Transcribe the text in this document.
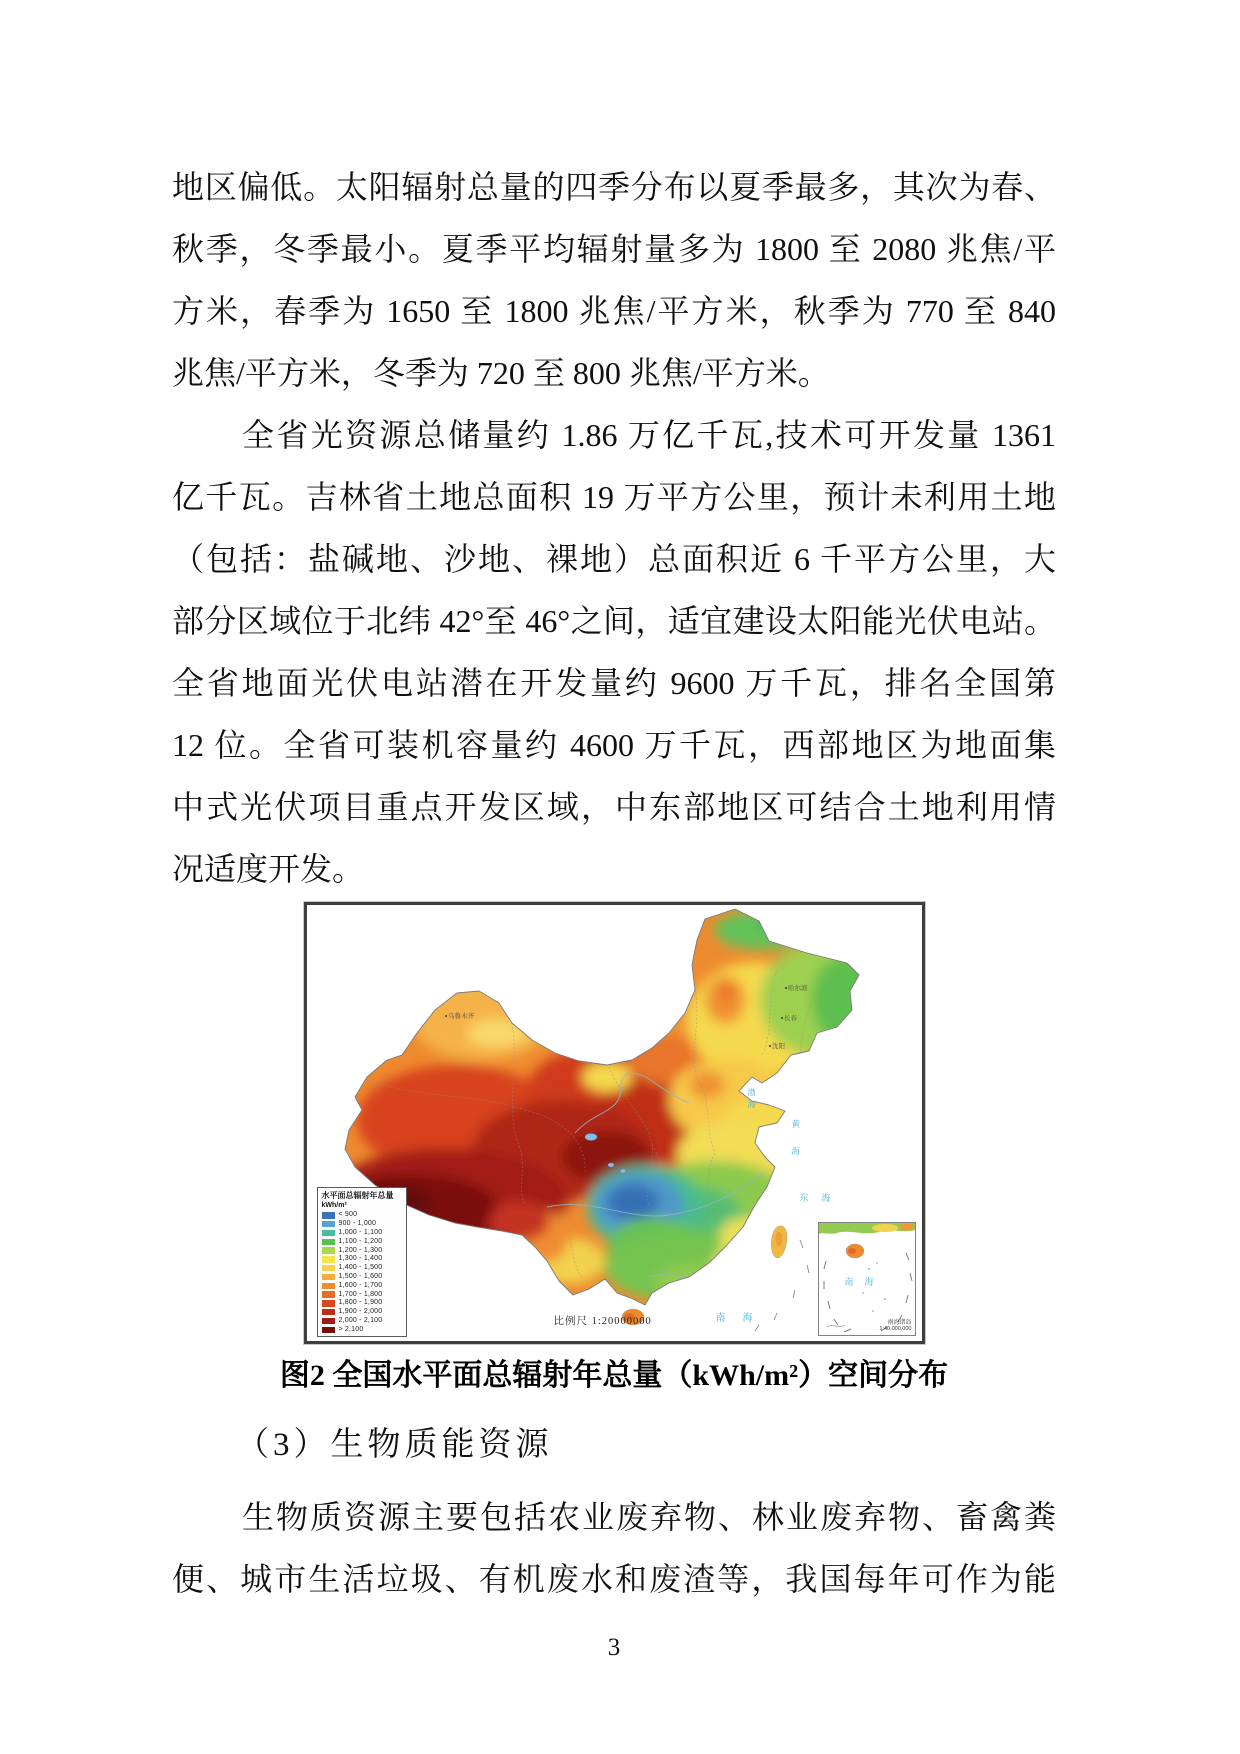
地区偏低。太阳辐射总量的四季分布以夏季最多，其次为春、
秋季，冬季最小。夏季平均辐射量多为 1800 至 2080 兆焦/平
方米，春季为 1650 至 1800 兆焦/平方米，秋季为 770 至 840
兆焦/平方米，冬季为 720 至 800 兆焦/平方米。
全省光资源总储量约 1.86 万亿千瓦,技术可开发量 1361
亿千瓦。吉林省土地总面积 19 万平方公里，预计未利用土地
（包括：盐碱地、沙地、裸地）总面积近 6 千平方公里，大
部分区域位于北纬 42°至 46°之间，适宜建设太阳能光伏电站。
全省地面光伏电站潜在开发量约 9600 万千瓦，排名全国第
12 位。全省可装机容量约 4600 万千瓦，西部地区为地面集
中式光伏项目重点开发区域，中东部地区可结合土地利用情
况适度开发。
水平面总辐射年总量
kWh/m²
< 900
900 - 1,000
1,000 - 1,100
1,100 - 1,200
1,200 - 1,300
1,300 - 1,400
1,400 - 1,500
1,500 - 1,600
1,600 - 1,700
1,700 - 1,800
1,800 - 1,900
1,900 - 2,000
2,000 - 2,100
> 2,100
比例尺 1:20000000
渤海
黄海
东海
南海
乌鲁木齐
哈尔滨
长春
沈阳
南海
南海诸岛
1:40,000,000
图2 全国水平面总辐射年总量（kWh/m²）空间分布
（3）生物质能资源
生物质资源主要包括农业废弃物、林业废弃物、畜禽粪
便、城市生活垃圾、有机废水和废渣等，我国每年可作为能
3
